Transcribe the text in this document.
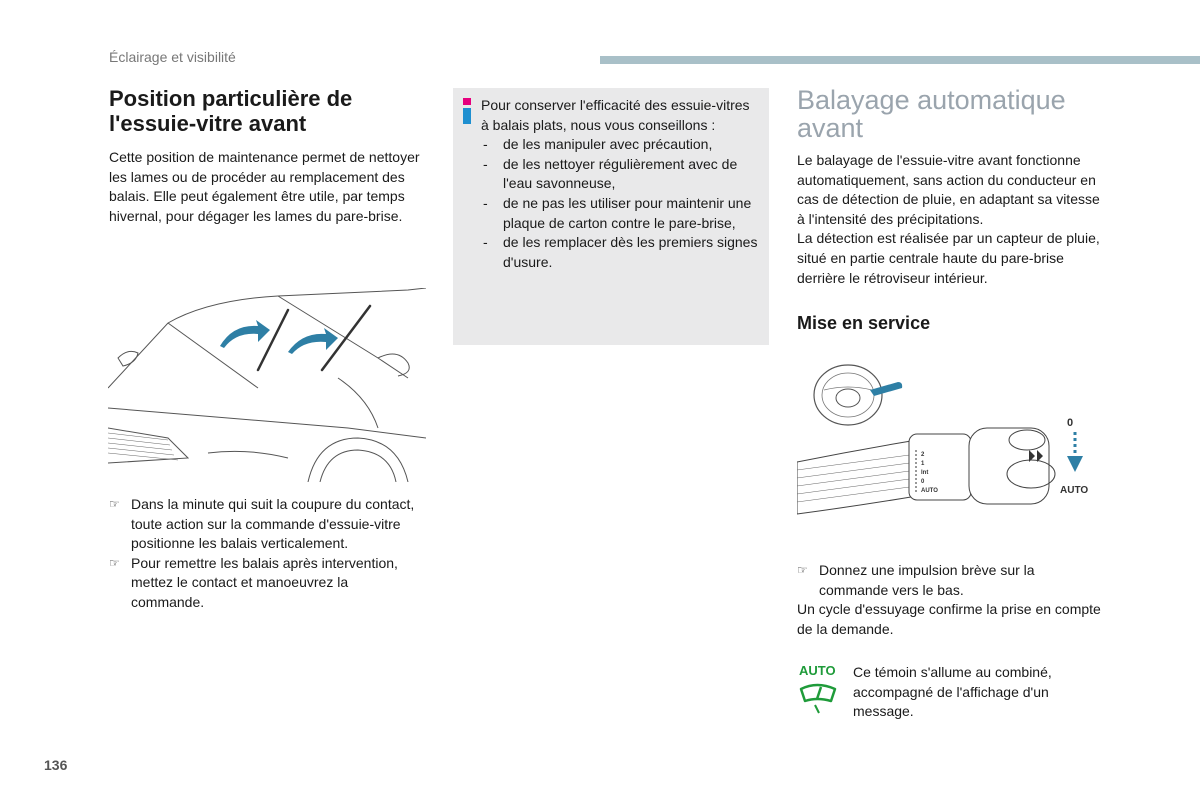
Éclairage et visibilité
Position particulière de l'essuie-vitre avant
Cette position de maintenance permet de nettoyer les lames ou de procéder au remplacement des balais. Elle peut également être utile, par temps hivernal, pour dégager les lames du pare-brise.
☞ Dans la minute qui suit la coupure du contact, toute action sur la commande d'essuie-vitre positionne les balais verticalement.
☞ Pour remettre les balais après intervention, mettez le contact et manoeuvrez la commande.
Pour conserver l'efficacité des essuie-vitres à balais plats, nous vous conseillons :
- de les manipuler avec précaution,
- de les nettoyer régulièrement avec de l'eau savonneuse,
- de ne pas les utiliser pour maintenir une plaque de carton contre le pare-brise,
- de les remplacer dès les premiers signes d'usure.
Balayage automatique avant
Le balayage de l'essuie-vitre avant fonctionne automatiquement, sans action du conducteur en cas de détection de pluie, en adaptant sa vitesse à l'intensité des précipitations.
La détection est réalisée par un capteur de pluie, situé en partie centrale haute du pare-brise derrière le rétroviseur intérieur.
Mise en service
2
1
Int
0
AUTO
0
AUTO
☞ Donnez une impulsion brève sur la commande vers le bas.
Un cycle d'essuyage confirme la prise en compte de la demande.
AUTO Ce témoin s'allume au combiné, accompagné de l'affichage d'un message.
136
